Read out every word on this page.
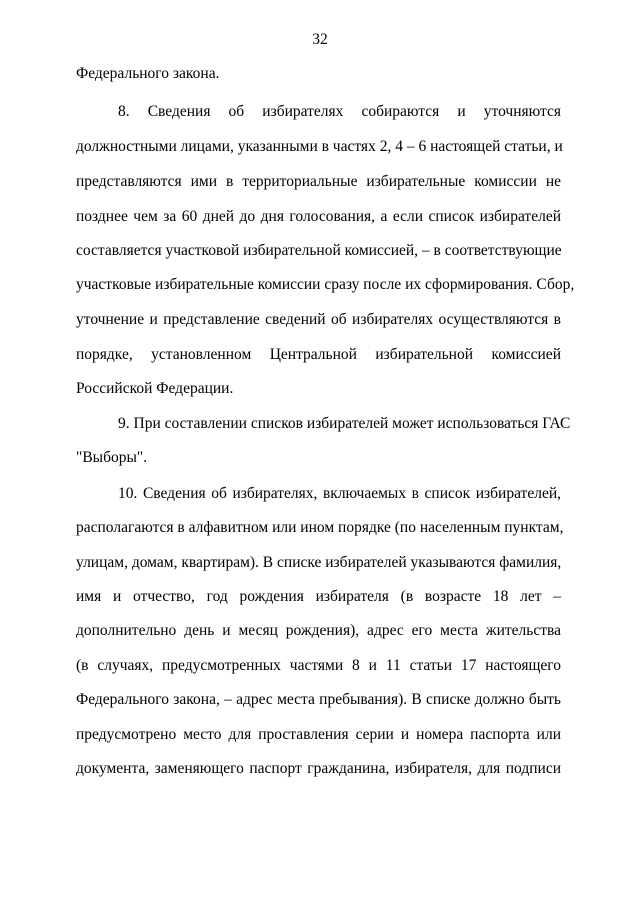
32
Федерального закона.
8. Сведения об избирателях собираются и уточняются
должностными лицами, указанными в частях 2, 4 – 6 настоящей статьи, и
представляются ими в территориальные избирательные комиссии не
позднее чем за 60 дней до дня голосования, а если список избирателей
составляется участковой избирательной комиссией, – в соответствующие
участковые избирательные комиссии сразу после их сформирования. Сбор,
уточнение и представление сведений об избирателях осуществляются в
порядке, установленном Центральной избирательной комиссией
Российской Федерации.
9. При составлении списков избирателей может использоваться ГАС
"Выборы".
10. Сведения об избирателях, включаемых в список избирателей,
располагаются в алфавитном или ином порядке (по населенным пунктам,
улицам, домам, квартирам). В списке избирателей указываются фамилия,
имя и отчество, год рождения избирателя (в возрасте 18 лет –
дополнительно день и месяц рождения), адрес его места жительства
(в случаях, предусмотренных частями 8 и 11 статьи 17 настоящего
Федерального закона, – адрес места пребывания). В списке должно быть
предусмотрено место для проставления серии и номера паспорта или
документа, заменяющего паспорт гражданина, избирателя, для подписи
